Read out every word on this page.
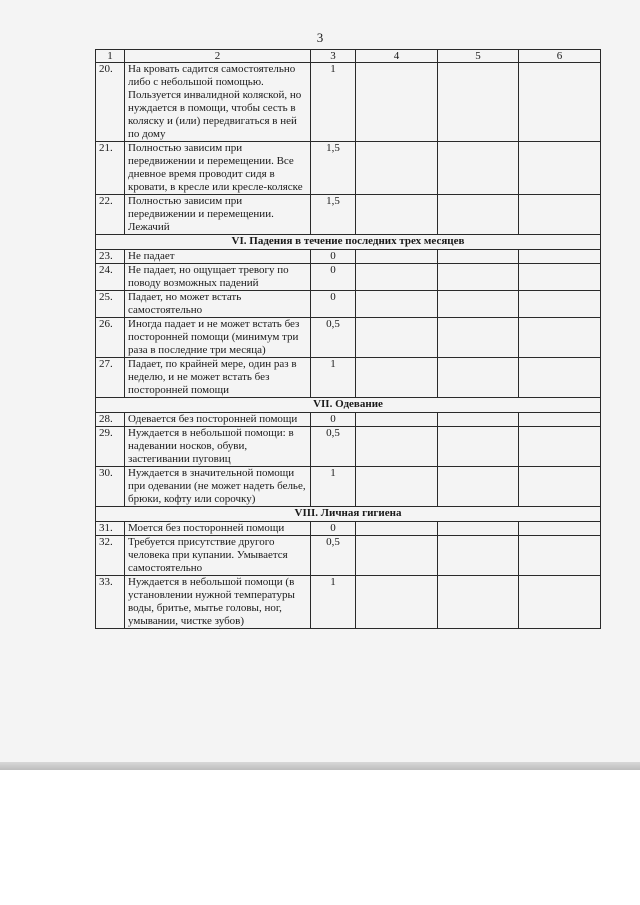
3
1	2	3	4	5	6
20.	На кровать садится самостоятельно либо с небольшой помощью. Пользуется инвалидной коляской, но нуждается в помощи, чтобы сесть в коляску и (или) передвигаться в ней по дому	1			
21.	Полностью зависим при передвижении и перемещении. Все дневное время проводит сидя в кровати, в кресле или кресле-коляске	1,5			
22.	Полностью зависим при передвижении и перемещении. Лежачий	1,5			
VI. Падения в течение последних трех месяцев					
23.	Не падает	0			
24.	Не падает, но ощущает тревогу по поводу возможных падений	0			
25.	Падает, но может встать самостоятельно	0			
26.	Иногда падает и не может встать без посторонней помощи (минимум три раза в последние три месяца)	0,5			
27.	Падает, по крайней мере, один раз в неделю, и не может встать без посторонней помощи	1			
VII. Одевание					
28.	Одевается без посторонней помощи	0			
29.	Нуждается в небольшой помощи: в надевании носков, обуви, застегивании пуговиц	0,5			
30.	Нуждается в значительной помощи при одевании (не может надеть белье, брюки, кофту или сорочку)	1			
VIII. Личная гигиена					
31.	Моется без посторонней помощи	0			
32.	Требуется присутствие другого человека при купании. Умывается самостоятельно	0,5			
33.	Нуждается в небольшой помощи (в установлении нужной температуры воды, бритье, мытье головы, ног, умывании, чистке зубов)	1			
